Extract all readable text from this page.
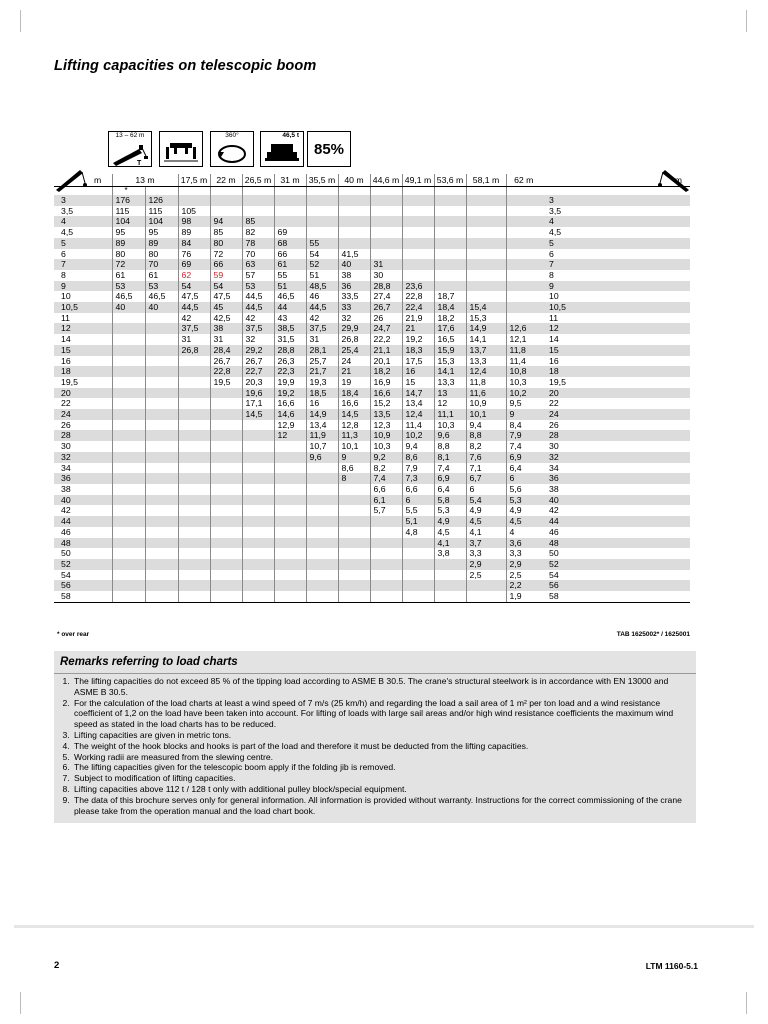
Lifting capacities on telescopic boom
13 – 62 m
T
360°	46,5 t
85%
m	13 m		17,5 m	22 m	26,5 m	31 m	35,5 m	40 m	44,6 m	49,1 m	53,6 m	58,1 m	62 m	m
	*													
3	176	126												3
3,5	115	115	105											3,5
4	104	104	98	94	85									4
4,5	95	95	89	85	82	69								4,5
5	89	89	84	80	78	68	55							5
6	80	80	76	72	70	66	54	41,5						6
7	72	70	69	66	63	61	52	40	31					7
8	61	61	62	59	57	55	51	38	30					8
9	53	53	54	54	53	51	48,5	36	28,8	23,6				9
10	46,5	46,5	47,5	47,5	44,5	46,5	46	33,5	27,4	22,8	18,7			10
10,5	40	40	44,5	45	44,5	44	44,5	33	26,7	22,4	18,4	15,4		10,5
11			42	42,5	42	43	42	32	26	21,9	18,2	15,3		11
12			37,5	38	37,5	38,5	37,5	29,9	24,7	21	17,6	14,9	12,6	12
14			31	31	32	31,5	31	26,8	22,2	19,2	16,5	14,1	12,1	14
15			26,8	28,4	29,2	28,8	28,1	25,4	21,1	18,3	15,9	13,7	11,8	15
16				26,7	26,7	26,3	25,7	24	20,1	17,5	15,3	13,3	11,4	16
18				22,8	22,7	22,3	21,7	21	18,2	16	14,1	12,4	10,8	18
19,5				19,5	20,3	19,9	19,3	19	16,9	15	13,3	11,8	10,3	19,5
20					19,6	19,2	18,5	18,4	16,6	14,7	13	11,6	10,2	20
22					17,1	16,6	16	16,6	15,2	13,4	12	10,9	9,5	22
24					14,5	14,6	14,9	14,5	13,5	12,4	11,1	10,1	9	24
26						12,9	13,4	12,8	12,3	11,4	10,3	9,4	8,4	26
28						12	11,9	11,3	10,9	10,2	9,6	8,8	7,9	28
30							10,7	10,1	10,3	9,4	8,8	8,2	7,4	30
32							9,6	9	9,2	8,6	8,1	7,6	6,9	32
34								8,6	8,2	7,9	7,4	7,1	6,4	34
36								8	7,4	7,3	6,9	6,7	6	36
38									6,6	6,6	6,4	6	5,6	38
40									6,1	6	5,8	5,4	5,3	40
42									5,7	5,5	5,3	4,9	4,9	42
44										5,1	4,9	4,5	4,5	44
46										4,8	4,5	4,1	4	46
48											4,1	3,7	3,6	48
50											3,8	3,3	3,3	50
52												2,9	2,9	52
54												2,5	2,5	54
56													2,2	56
58													1,9	58
* over rear	TAB 1625002* / 1625001
Remarks referring to load charts
1. The lifting capacities do not exceed 85 % of the tipping load according to ASME B 30.5. The crane's structural steelwork is in accordance with EN 13000 and ASME B 30.5.
2. For the calculation of the load charts at least a wind speed of 7 m/s (25 km/h) and regarding the load a sail area of 1 m² per ton load and a wind resistance coefficient of 1,2 on the load have been taken into account. For lifting of loads with large sail areas and/or high wind resistance coefficients the maximum wind speed as stated in the load charts has to be reduced.
3. Lifting capacities are given in metric tons.
4. The weight of the hook blocks and hooks is part of the load and therefore it must be deducted from the lifting capacities.
5. Working radii are measured from the slewing centre.
6. The lifting capacities given for the telescopic boom apply if the folding jib is removed.
7. Subject to modification of lifting capacities.
8. Lifting capacities above 112 t / 128 t only with additional pulley block/special equipment.
9. The data of this brochure serves only for general information. All information is provided without warranty. Instructions for the correct commissioning of the crane please take from the operation manual and the load chart book.
2	LTM 1160-5.1
